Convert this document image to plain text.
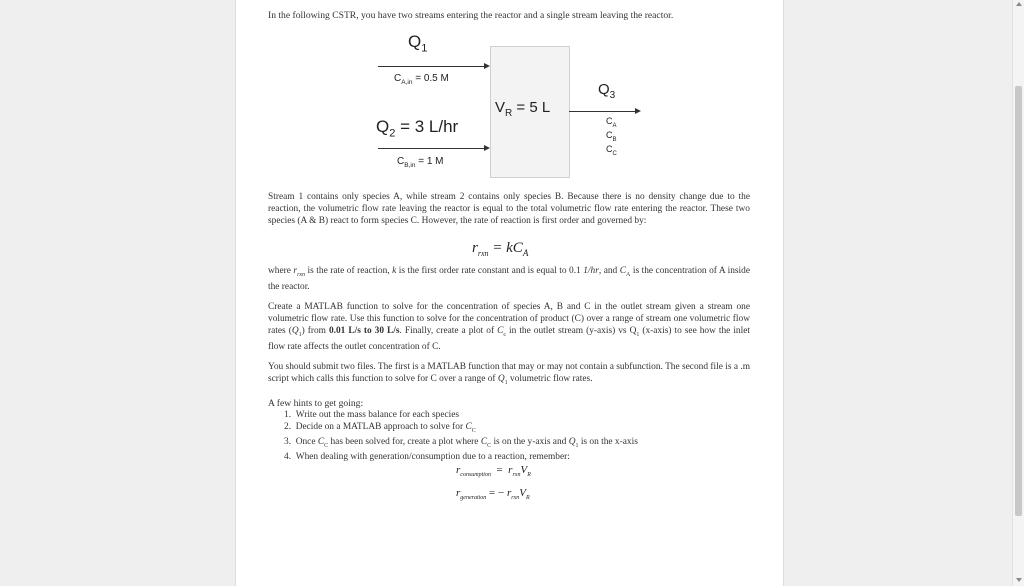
In the following CSTR, you have two streams entering the reactor and a single stream leaving the reactor.
$Q_1$
$C_{A,in} = 0.5$ M
$Q_2 = 3$ L/hr
$C_{B,in} = 1$ M
$V_R = 5$ L
$Q_3$
$C_A$
$C_B$
$C_C$
Stream 1 contains only species A, while stream 2 contains only species B. Because there is no density change due to the reaction, the volumetric flow rate leaving the reactor is equal to the total volumetric flow rate entering the reactor. These two species (A & B) react to form species C. However, the rate of reaction is first order and governed by:
$r_{rxn} = kC_A$
where $r_{rxn}$ is the rate of reaction, k is the first order rate constant and is equal to 0.1 1/hr, and $C_A$ is the concentration of A inside the reactor.
Create a MATLAB function to solve for the concentration of species A, B and C in the outlet stream given a stream one volumetric flow rate. Use this function to solve for the concentration of product (C) over a range of stream one volumetric flow rates $(Q_1)$ from 0.01 L/s to 30 L/s. Finally, create a plot of $C_c$ in the outlet stream (y-axis) vs $Q_1$ (x-axis) to see how the inlet flow rate affects the outlet concentration of C.
You should submit two files. The first is a MATLAB function that may or may not contain a subfunction. The second file is a .m script which calls this function to solve for C over a range of $Q_1$ volumetric flow rates.
A few hints to get going:
1. Write out the mass balance for each species
2. Decide on a MATLAB approach to solve for $C_C$
3. Once $C_C$ has been solved for, create a plot where $C_C$ is on the y-axis and $Q_1$ is on the x-axis
4. When dealing with generation/consumption due to a reaction, remember:
$r_{consumption} = r_{rxn}V_R$
$r_{generation}$ = − $r_{rxn}V_R$
